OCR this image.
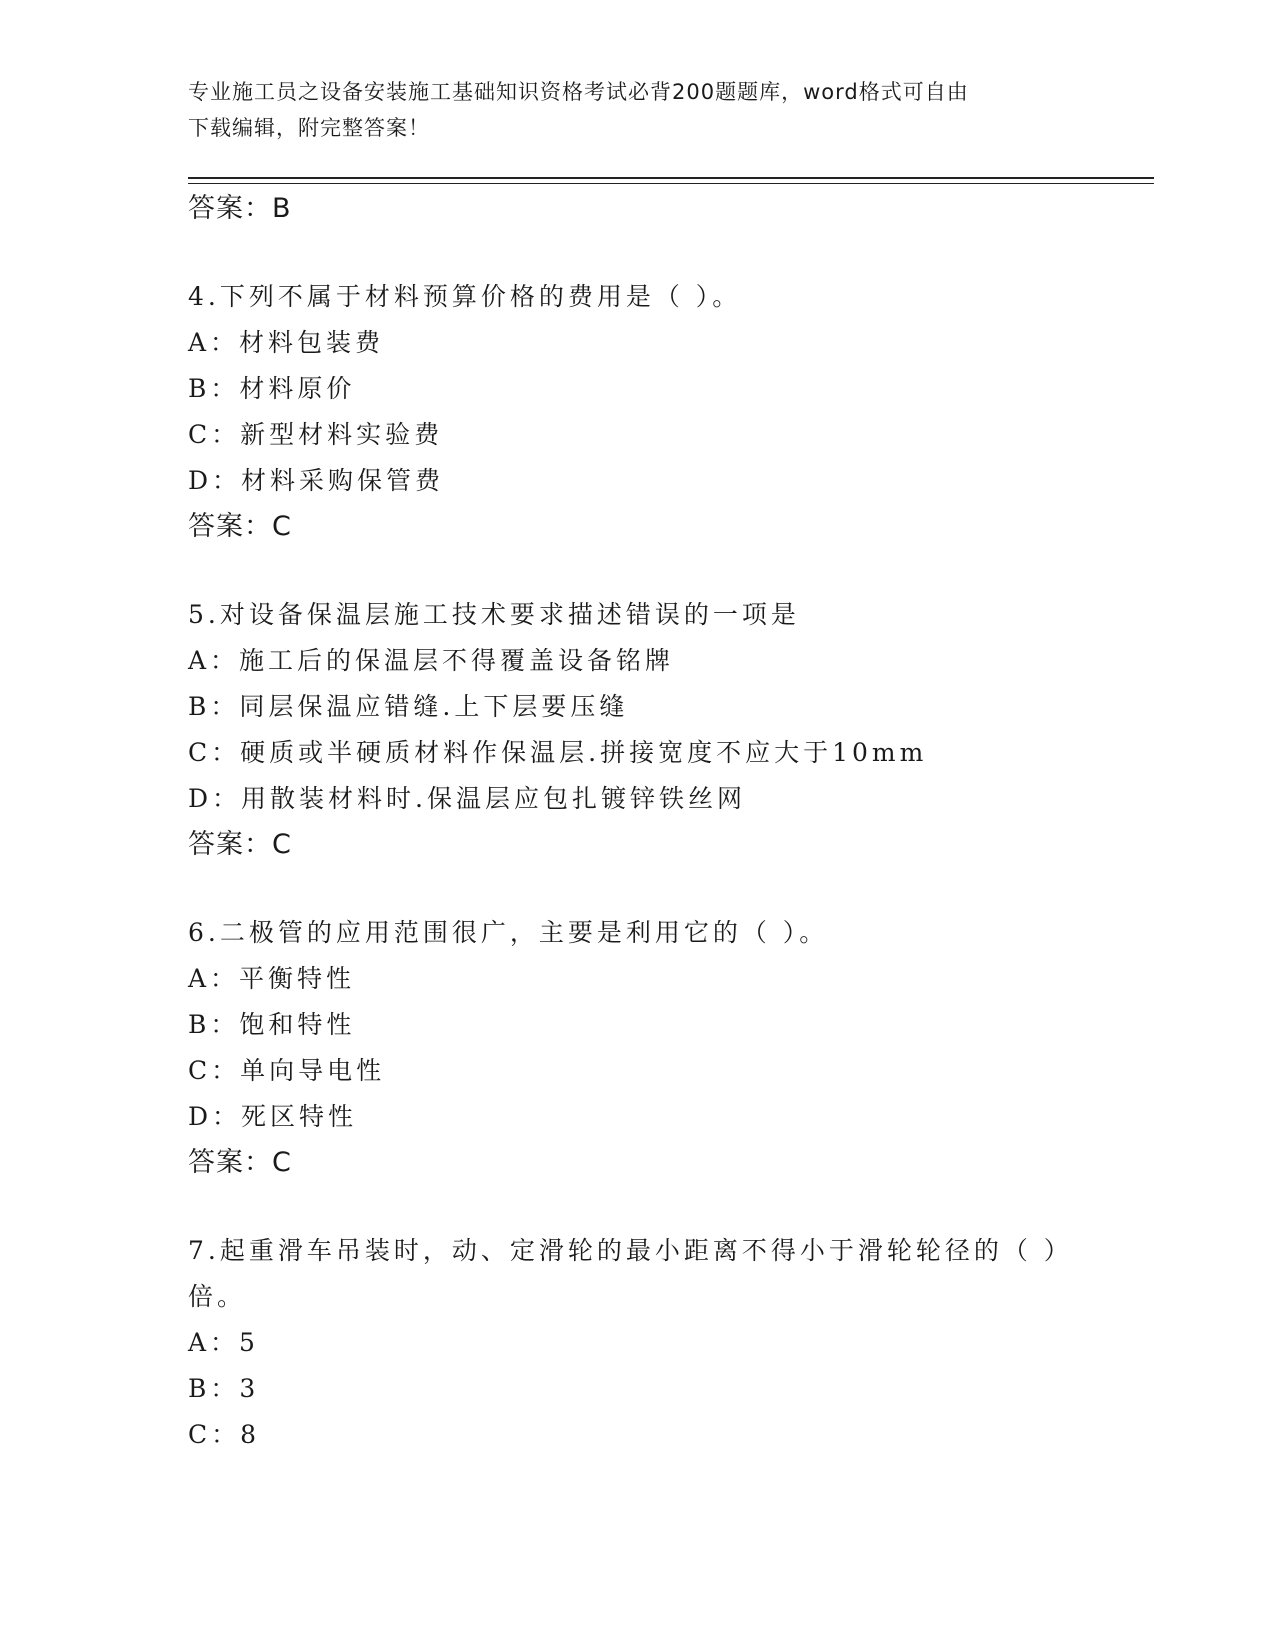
专业施工员之设备安装施工基础知识资格考试必背200题题库，word格式可自由
下载编辑，附完整答案！
答案：B
4.下列不属于材料预算价格的费用是（ ）。
A：材料包装费
B：材料原价
C：新型材料实验费
D：材料采购保管费
答案：C
5.对设备保温层施工技术要求描述错误的一项是
A：施工后的保温层不得覆盖设备铭牌
B：同层保温应错缝.上下层要压缝
C：硬质或半硬质材料作保温层.拼接宽度不应大于10mm
D：用散装材料时.保温层应包扎镀锌铁丝网
答案：C
6.二极管的应用范围很广，主要是利用它的（ ）。
A：平衡特性
B：饱和特性
C：单向导电性
D：死区特性
答案：C
7.起重滑车吊装时，动、定滑轮的最小距离不得小于滑轮轮径的（ ）
倍。
A：5
B：3
C：8
